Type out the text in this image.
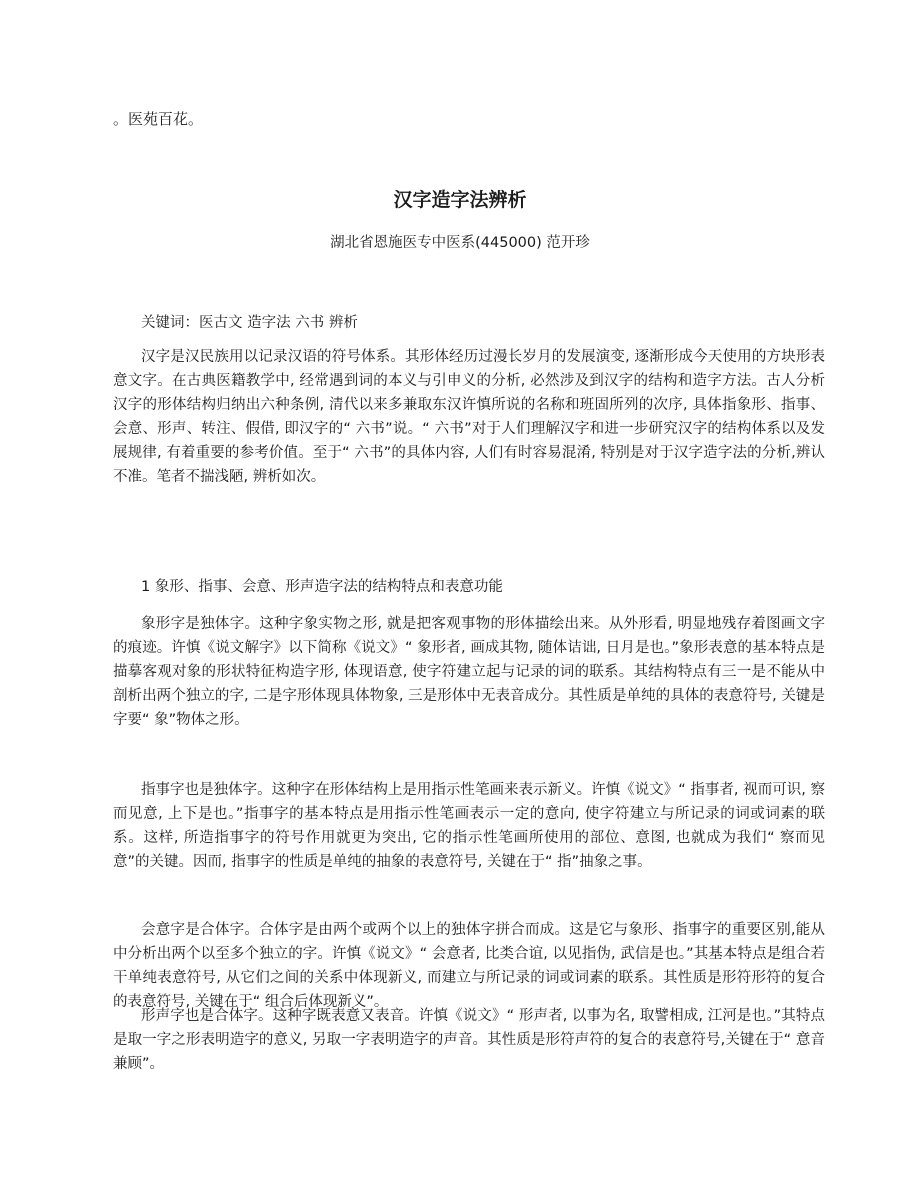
。医苑百花。
汉字造字法辨析
湖北省恩施医专中医系(445000) 范开珍
关键词：医古文 造字法 六书 辨析

汉字是汉民族用以记录汉语的符号体系。其形体经历过漫长岁月的发展演变, 逐渐形成今天使用的方块形表意文字。在古典医籍教学中, 经常遇到词的本义与引申义的分析, 必然涉及到汉字的结构和造字方法。古人分析汉字的形体结构归纳出六种条例, 清代以来多兼取东汉许慎所说的名称和班固所列的次序, 具体指象形、指事、会意、形声、转注、假借, 即汉字的“ 六书”说。“ 六书”对于人们理解汉字和进一步研究汉字的结构体系以及发展规律, 有着重要的参考价值。至于“ 六书”的具体内容, 人们有时容易混淆, 特别是对于汉字造字法的分析,辨认不准。笔者不揣浅陋, 辨析如次。

1 象形、指事、会意、形声造字法的结构特点和表意功能

象形字是独体字。这种字象实物之形, 就是把客观事物的形体描绘出来。从外形看, 明显地残存着图画文字的痕迹。许慎《说文解字》以下简称《说文》“ 象形者, 画成其物, 随体诘诎, 日月是也。”象形表意的基本特点是描摹客观对象的形状特征构造字形, 体现语意, 使字符建立起与记录的词的联系。其结构特点有三一是不能从中剖析出两个独立的字, 二是字形体现具体物象, 三是形体中无表音成分。其性质是单纯的具体的表意符号, 关键是字要“ 象”物体之形。

指事字也是独体字。这种字在形体结构上是用指示性笔画来表示新义。许慎《说文》“ 指事者, 视而可识, 察而见意, 上下是也。”指事字的基本特点是用指示性笔画表示一定的意向, 使字符建立与所记录的词或词素的联系。这样, 所造指事字的符号作用就更为突出, 它的指示性笔画所使用的部位、意图, 也就成为我们“ 察而见意”的关键。因而, 指事字的性质是单纯的抽象的表意符号, 关键在于“ 指”抽象之事。

会意字是合体字。合体字是由两个或两个以上的独体字拼合而成。这是它与象形、指事字的重要区别,能从中分析出两个以至多个独立的字。许慎《说文》“ 会意者, 比类合谊, 以见指伪, 武信是也。”其基本特点是组合若干单纯表意符号, 从它们之间的关系中体现新义, 而建立与所记录的词或词素的联系。其性质是形符形符的复合的表意符号, 关键在于“ 组合后体现新义”。

形声字也是合体字。这种字既表意又表音。许慎《说文》“ 形声者, 以事为名, 取譬相成, 江河是也。”其特点是取一字之形表明造字的意义, 另取一字表明造字的声音。其性质是形符声符的复合的表意符号,关键在于“ 意音兼顾”。
